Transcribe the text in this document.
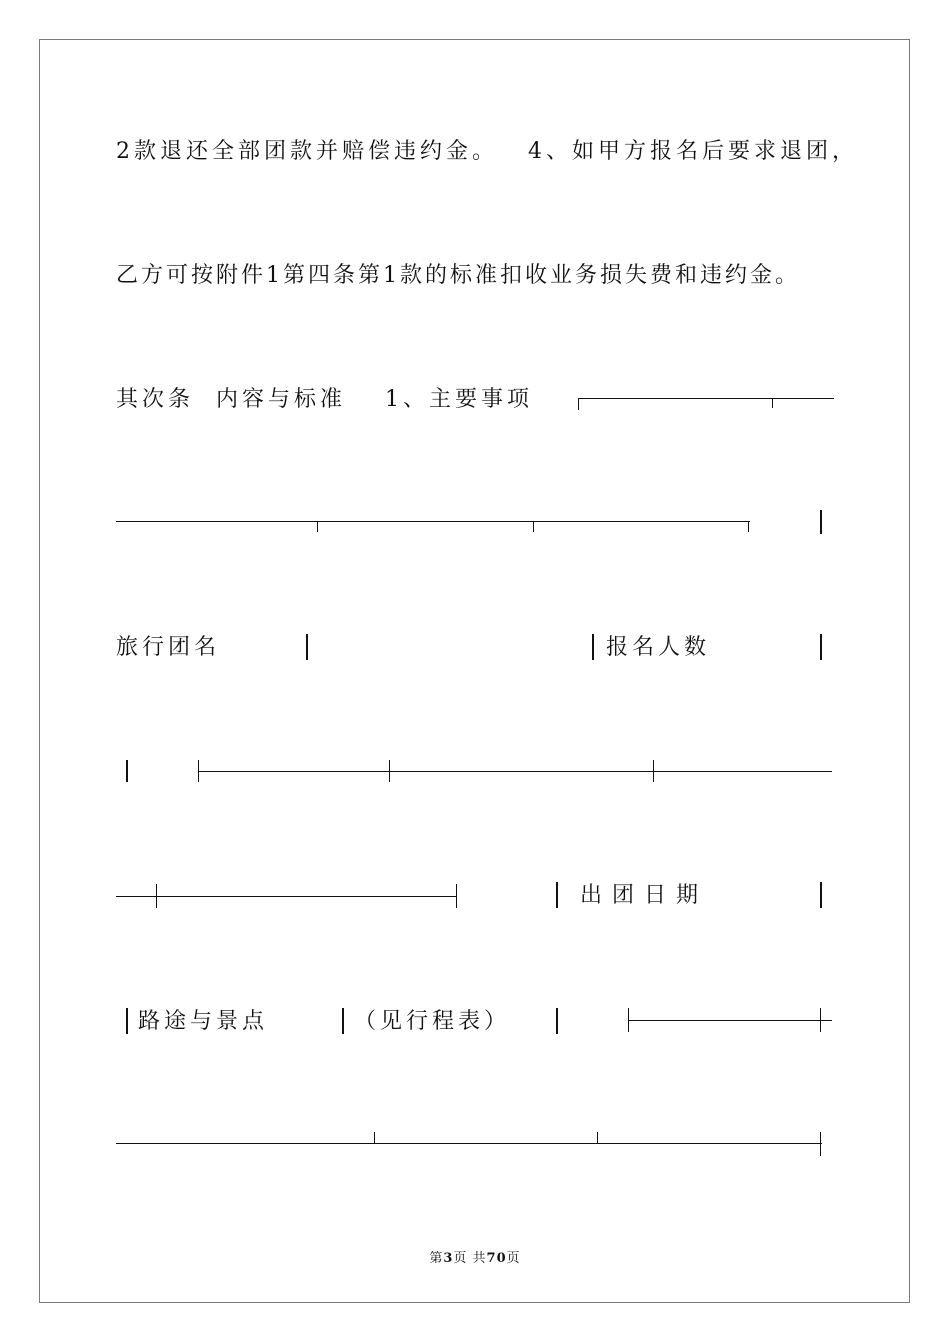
2款退还全部团款并赔偿违约金。 4、如甲方报名后要求退团，
乙方可按附件1第四条第1款的标准扣收业务损失费和违约金。
其次条  内容与标准 1、主要事项
旅行团名	报名人数
出团日期
路途与景点	（见行程表）
第3页 共70页
